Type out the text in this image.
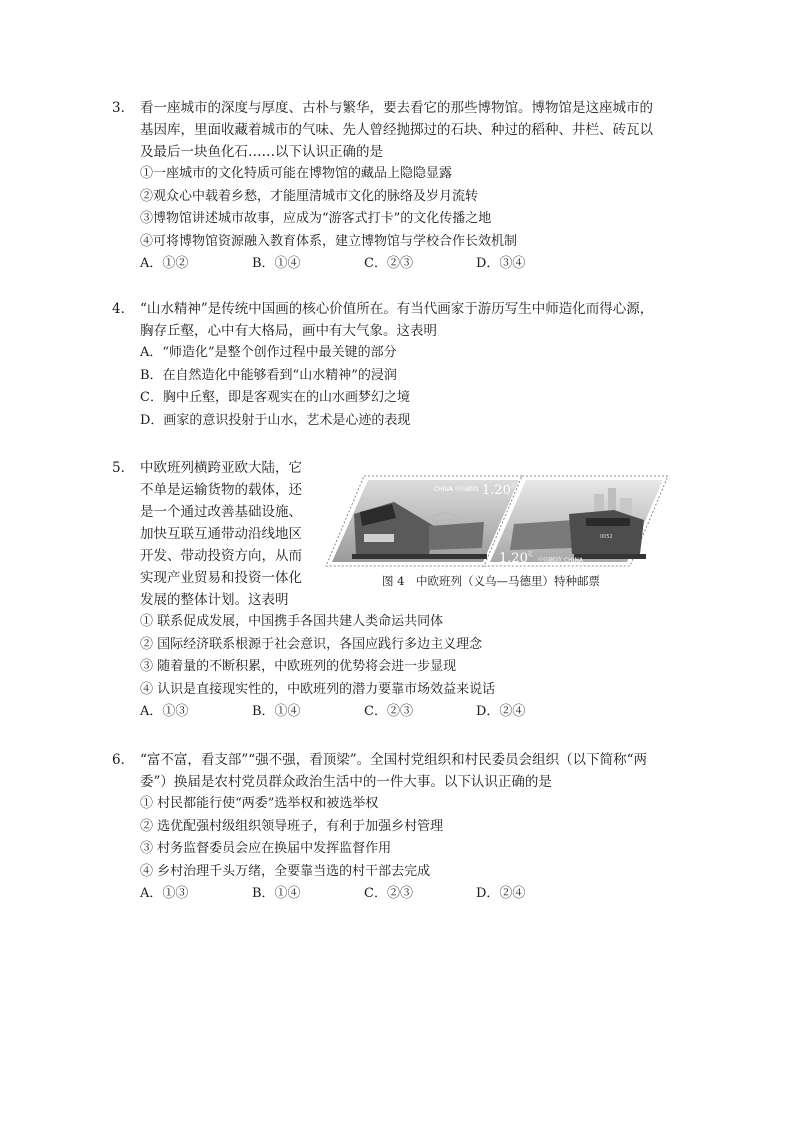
3． 看一座城市的深度与厚度、古朴与繁华，要去看它的那些博物馆。博物馆是这座城市的
基因库，里面收藏着城市的气味、先人曾经抛掷过的石块、种过的稻种、井栏、砖瓦以
及最后一块鱼化石……以下认识正确的是
①一座城市的文化特质可能在博物馆的藏品上隐隐显露
②观众心中载着乡愁，才能厘清城市文化的脉络及岁月流转
③博物馆讲述城市故事，应成为“游客式打卡”的文化传播之地
④可将博物馆资源融入教育体系，建立博物馆与学校合作长效机制
A．①②	B．①④	C．②③	D．③④
4． “山水精神”是传统中国画的核心价值所在。有当代画家于游历写生中师造化而得心源，
胸存丘壑，心中有大格局，画中有大气象。这表明
A．“师造化”是整个创作过程中最关键的部分
B．在自然造化中能够看到“山水精神”的浸润
C．胸中丘壑，即是客观实在的山水画梦幻之境
D．画家的意识投射于山水，艺术是心迹的表现
5． 中欧班列横跨亚欧大陆，它
不单是运输货物的载体，还
是一个通过改善基础设施、
加快互联互通带动沿线地区
开发、带动投资方向，从而
实现产业贸易和投资一体化
发展的整体计划。这表明
① 联系促成发展，中国携手各国共建人类命运共同体
② 国际经济联系根源于社会意识，各国应践行多边主义理念
③ 随着量的不断积累，中欧班列的优势将会进一步显现
④ 认识是直接现实性的，中欧班列的潜力要靠市场效益来说话
A．①③	B．①④	C．②③	D．②④
CHINA 中国邮政 1.20 元
1.20 元
中国邮政 CHINA
0052
图 4　中欧班列（义乌—马德里）特种邮票
6． “富不富，看支部”“强不强，看顶梁”。全国村党组织和村民委员会组织（以下简称“两
委”）换届是农村党员群众政治生活中的一件大事。以下认识正确的是
① 村民都能行使“两委”选举权和被选举权
② 选优配强村级组织领导班子，有利于加强乡村管理
③ 村务监督委员会应在换届中发挥监督作用
④ 乡村治理千头万绪，全要靠当选的村干部去完成
A．①③	B．①④	C．②③	D．②④
